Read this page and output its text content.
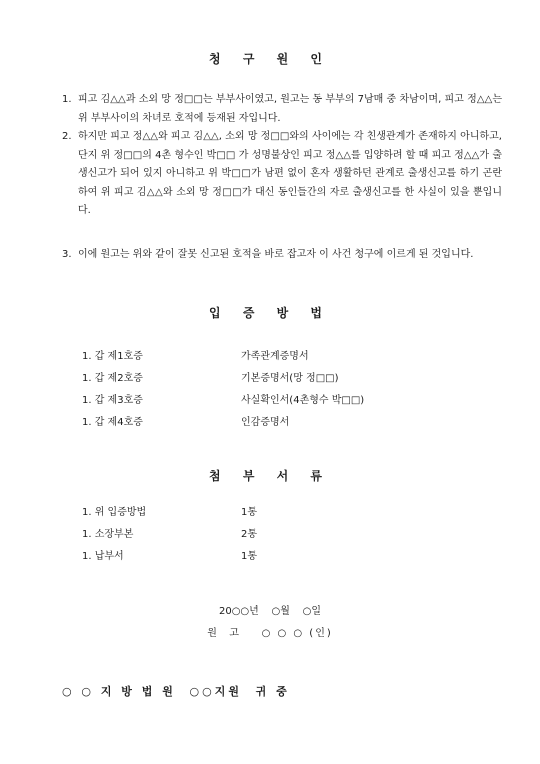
청 구 원 인
1. 피고 김△△과 소외 망 정□□는 부부사이였고, 원고는 동 부부의 7남매 중 차남이며, 피고 정△△는 위 부부사이의 차녀로 호적에 등재된 자입니다.
2. 하지만 피고 정△△와 피고 김△△, 소외 망 정□□와의 사이에는 각 친생관계가 존재하지 아니하고, 단지 위 정□□의 4촌 형수인 박□□ 가 성명불상인 피고 정△△를 입양하려 할 때 피고 정△△가 출생신고가 되어 있지 아니하고 위 박□□가 남편 없이 혼자 생활하던 관계로 출생신고를 하기 곤란하여 위 피고 김△△와 소외 망 정□□가 대신 동인들간의 자로 출생신고를 한 사실이 있을 뿐입니다.
3. 이에 원고는 위와 같이 잘못 신고된 호적을 바로 잡고자 이 사건 청구에 이르게 된 것입니다.
입 증 방 법
1. 갑 제1호증	가족관계증명서
1. 갑 제2호증	기본증명서(망 정□□)
1. 갑 제3호증	사실확인서(4촌형수 박□□)
1. 갑 제4호증	인감증명서
첨 부 서 류
1. 위 입증방법	1통
1. 소장부본	2통
1. 납부서	1통
20○○년    ○월    ○일
원  고    ○ ○ ○ (인)
○ ○ 지 방 법 원  ○○지원  귀 중
